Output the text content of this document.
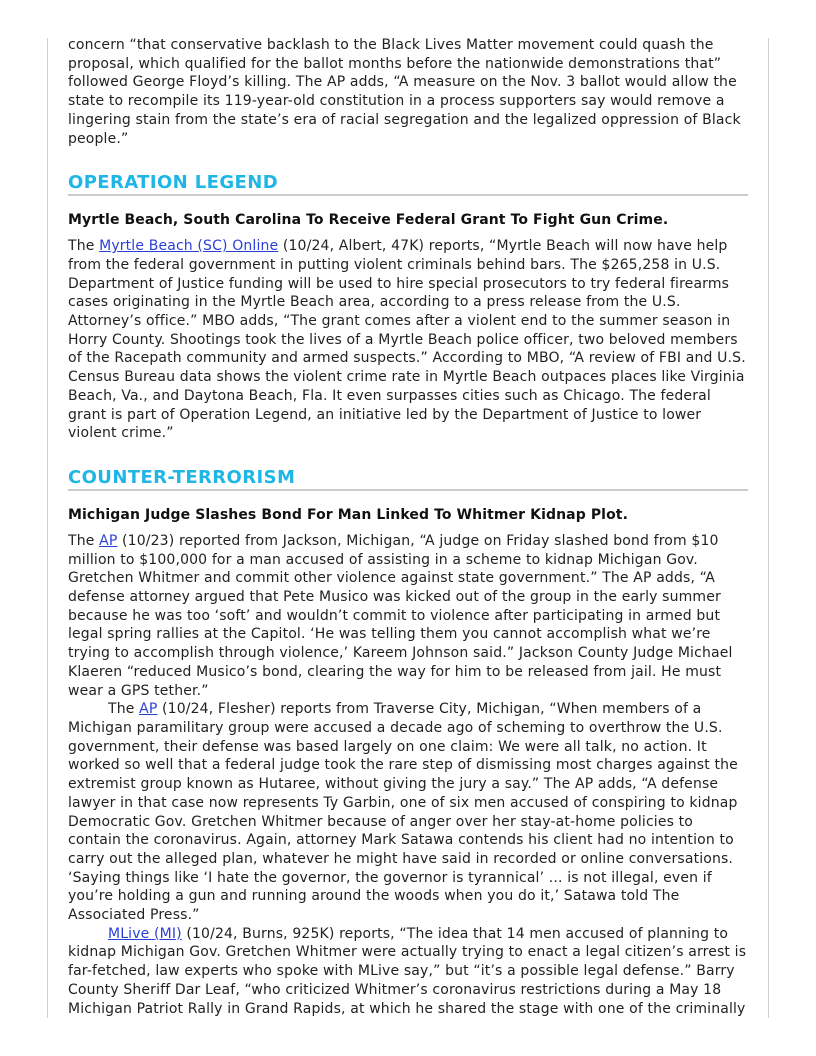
concern “that conservative backlash to the Black Lives Matter movement could quash the proposal, which qualified for the ballot months before the nationwide demonstrations that” followed George Floyd’s killing. The AP adds, “A measure on the Nov. 3 ballot would allow the state to recompile its 119-year-old constitution in a process supporters say would remove a lingering stain from the state’s era of racial segregation and the legalized oppression of Black people.”

OPERATION LEGEND
Myrtle Beach, South Carolina To Receive Federal Grant To Fight Gun Crime.

The Myrtle Beach (SC) Online (10/24, Albert, 47K) reports, “Myrtle Beach will now have help from the federal government in putting violent criminals behind bars. The $265,258 in U.S. Department of Justice funding will be used to hire special prosecutors to try federal firearms cases originating in the Myrtle Beach area, according to a press release from the U.S. Attorney’s office.” MBO adds, “The grant comes after a violent end to the summer season in Horry County. Shootings took the lives of a Myrtle Beach police officer, two beloved members of the Racepath community and armed suspects.” According to MBO, “A review of FBI and U.S. Census Bureau data shows the violent crime rate in Myrtle Beach outpaces places like Virginia Beach, Va., and Daytona Beach, Fla. It even surpasses cities such as Chicago. The federal grant is part of Operation Legend, an initiative led by the Department of Justice to lower violent crime.”

COUNTER-TERRORISM
Michigan Judge Slashes Bond For Man Linked To Whitmer Kidnap Plot.

The AP (10/23) reported from Jackson, Michigan, “A judge on Friday slashed bond from $10 million to $100,000 for a man accused of assisting in a scheme to kidnap Michigan Gov. Gretchen Whitmer and commit other violence against state government.” The AP adds, “A defense attorney argued that Pete Musico was kicked out of the group in the early summer because he was too ‘soft’ and wouldn’t commit to violence after participating in armed but legal spring rallies at the Capitol. ‘He was telling them you cannot accomplish what we’re trying to accomplish through violence,’ Kareem Johnson said.” Jackson County Judge Michael Klaeren “reduced Musico’s bond, clearing the way for him to be released from jail. He must wear a GPS tether.”

The AP (10/24, Flesher) reports from Traverse City, Michigan, “When members of a Michigan paramilitary group were accused a decade ago of scheming to overthrow the U.S. government, their defense was based largely on one claim: We were all talk, no action. It worked so well that a federal judge took the rare step of dismissing most charges against the extremist group known as Hutaree, without giving the jury a say.” The AP adds, “A defense lawyer in that case now represents Ty Garbin, one of six men accused of conspiring to kidnap Democratic Gov. Gretchen Whitmer because of anger over her stay-at-home policies to contain the coronavirus. Again, attorney Mark Satawa contends his client had no intention to carry out the alleged plan, whatever he might have said in recorded or online conversations. ‘Saying things like ‘I hate the governor, the governor is tyrannical’ ... is not illegal, even if you’re holding a gun and running around the woods when you do it,’ Satawa told The Associated Press.”

MLive (MI) (10/24, Burns, 925K) reports, “The idea that 14 men accused of planning to kidnap Michigan Gov. Gretchen Whitmer were actually trying to enact a legal citizen’s arrest is far-fetched, law experts who spoke with MLive say,” but “it’s a possible legal defense.” Barry County Sheriff Dar Leaf, “who criticized Whitmer’s coronavirus restrictions during a May 18 Michigan Patriot Rally in Grand Rapids, at which he shared the stage with one of the criminally
